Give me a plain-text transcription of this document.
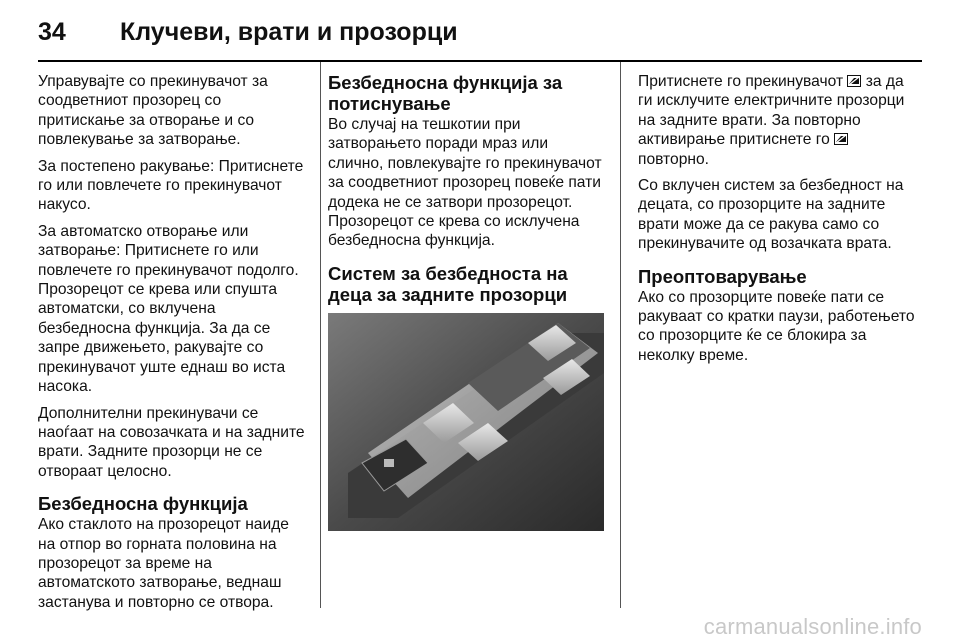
34 Клучеви, врати и прозорци

Управувајте со прекинувачот за соодветниот прозорец со притискање за отворање и со повлекување за затворање.

За постепено ракување: Притиснете го или повлечете го прекинувачот накусо.

За автоматско отворање или затворање: Притиснете го или повлечете го прекинувачот подолго. Прозорецот се крева или спушта автоматски, со вклучена безбедносна функција. За да се запре движењето, ракувајте со прекинувачот уште еднаш во иста насока.

Дополнителни прекинувачи се наоѓаат на совозачката и на задните врати. Задните прозорци не се отвораат целосно.

Безбедносна функција

Ако стаклото на прозорецот наиде на отпор во горната половина на прозорецот за време на автоматското затворање, веднаш застанува и повторно се отвора.

Безбедносна функција за потиснување

Во случај на тешкотии при затворањето поради мраз или слично, повлекувајте го прекинувачот за соодветниот прозорец повеќе пати додека не се затвори прозорецот. Прозорецот се крева со исклучена безбедносна функција.

Систем за безбедноста на деца за задните прозорци

Притиснете го прекинувачот за да ги исклучите електричните прозорци на задните врати. За повторно активирање притиснете го  повторно.

Со вклучен систем за безбедност на децата, со прозорците на задните врати може да се ракува само со прекинувачите од возачката врата.

Преоптоварување

Ако со прозорците повеќе пати се ракуваат со кратки паузи, работењето со прозорците ќе се блокира за неколку време.

carmanualsonline.info
